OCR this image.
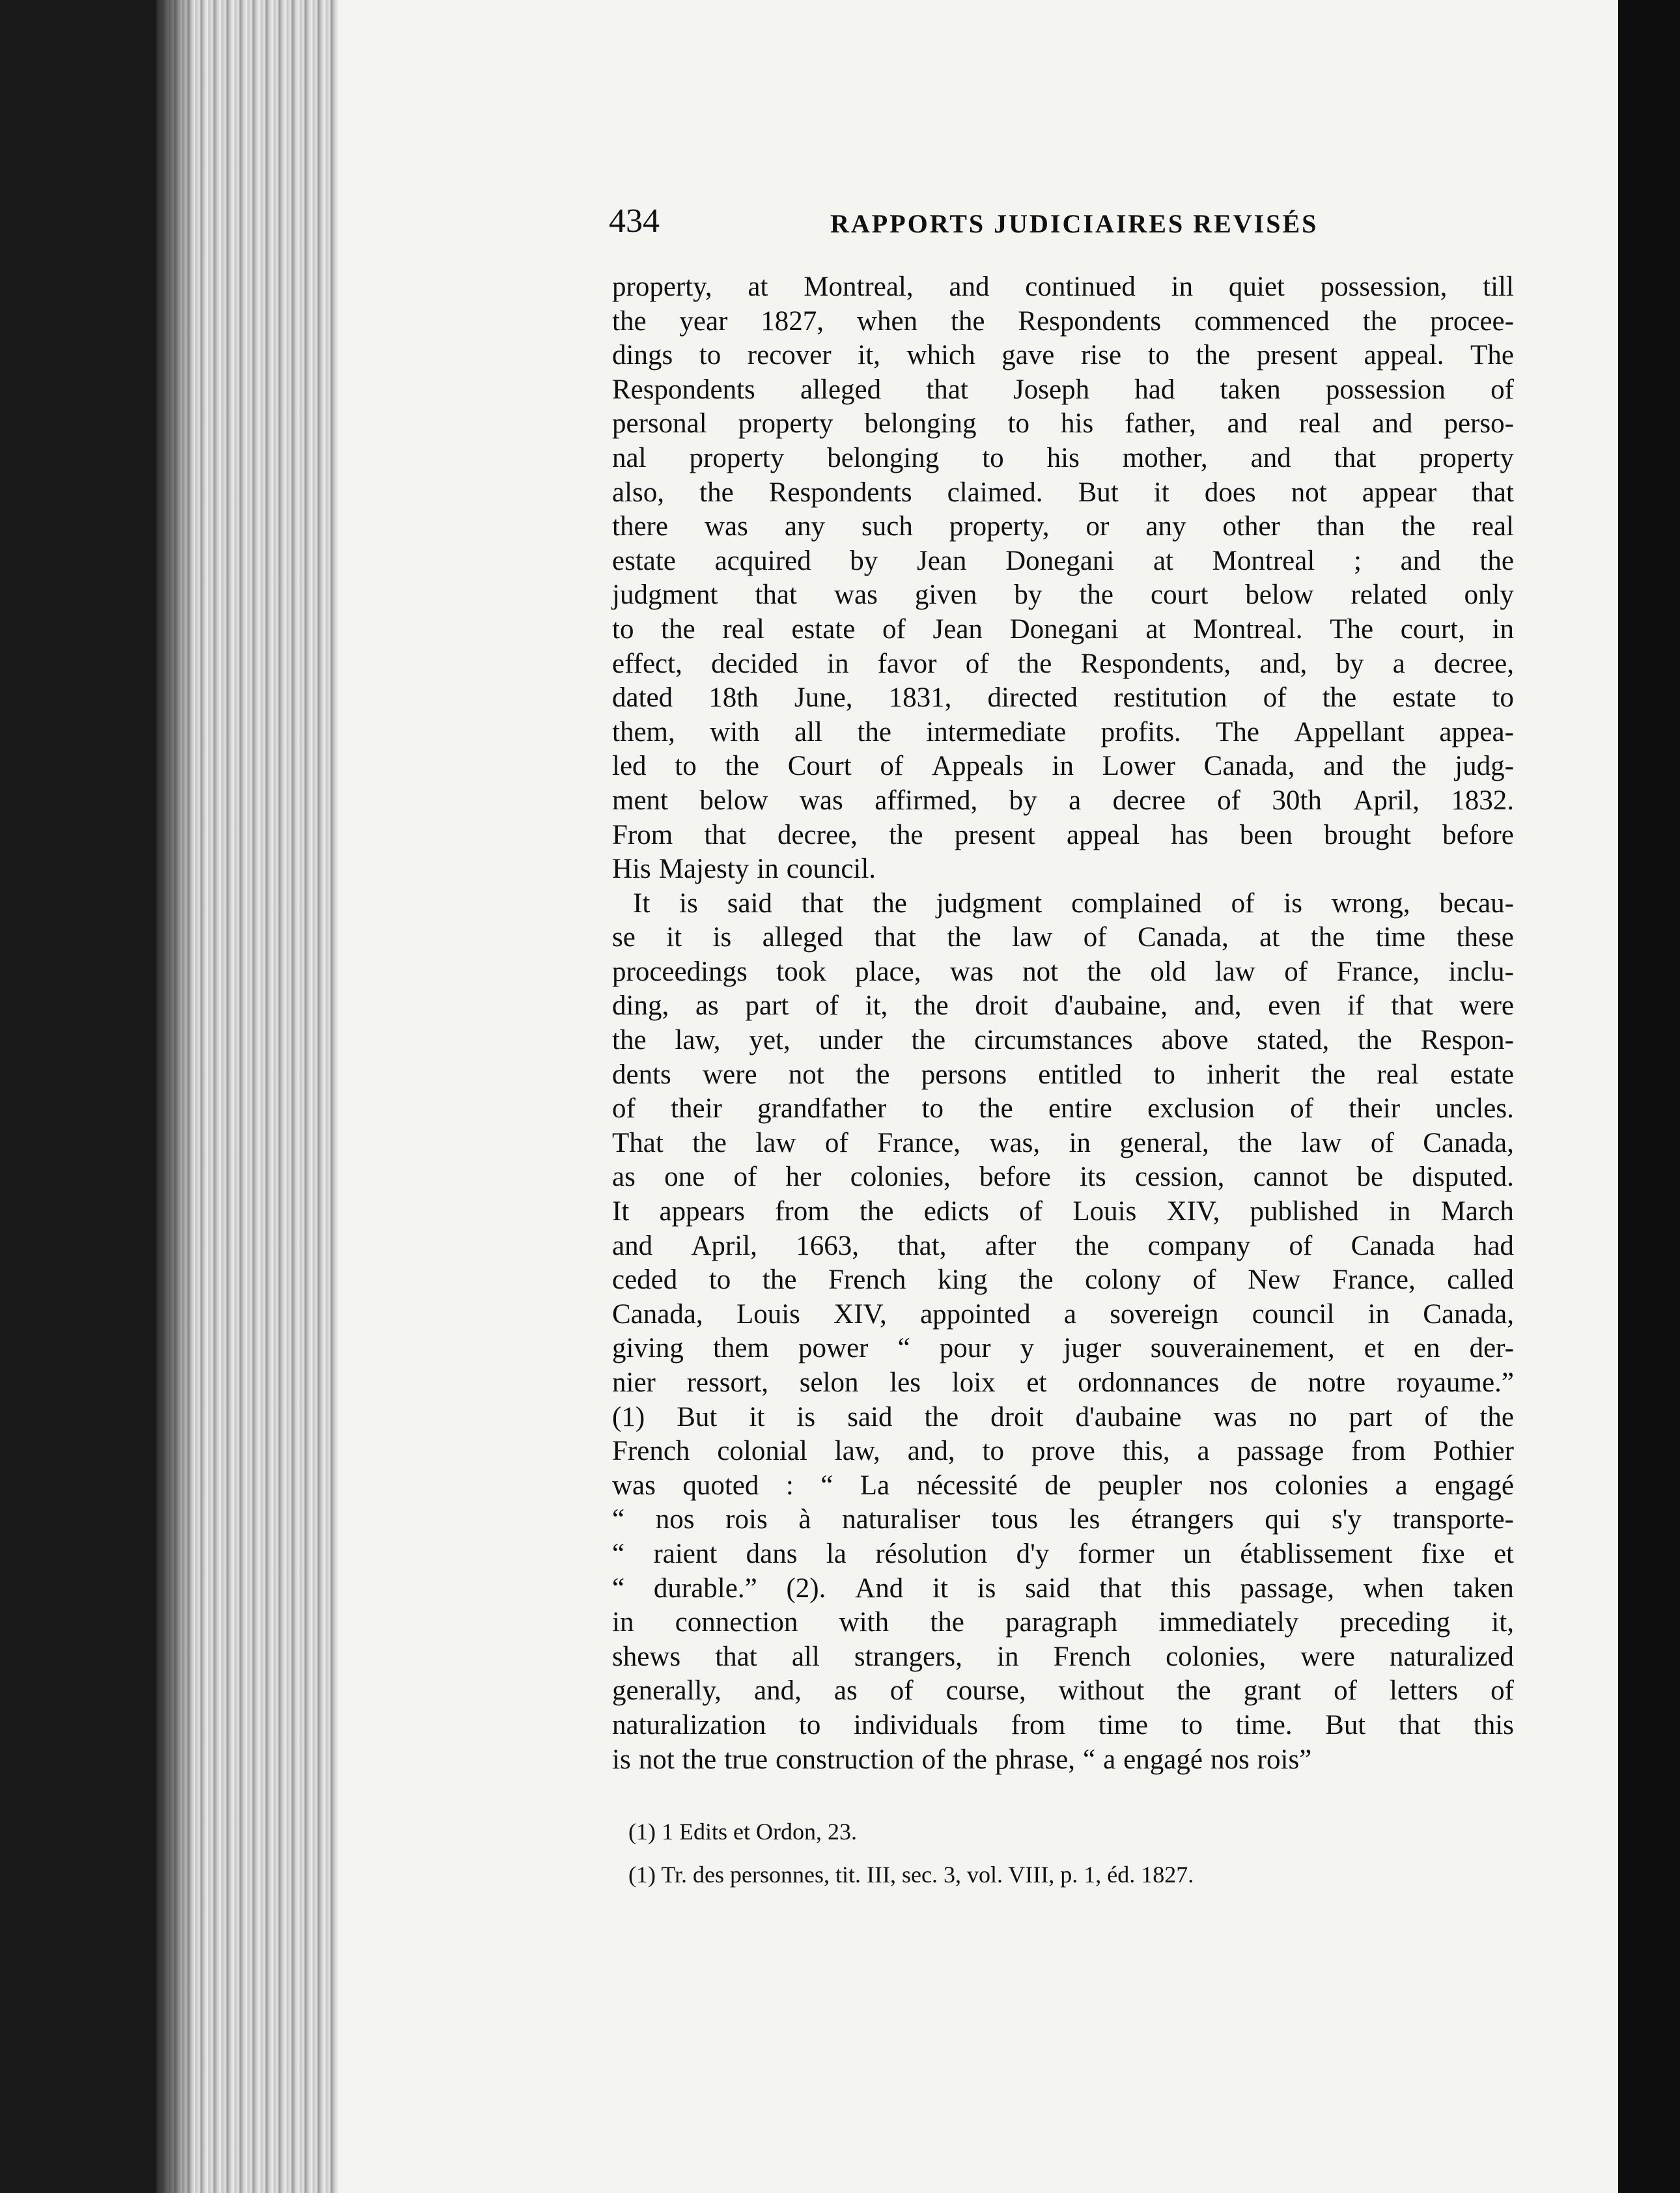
434	RAPPORTS JUDICIAIRES REVISÉS
property, at Montreal, and continued in quiet possession, till
the year 1827, when the Respondents commenced the procee-
dings to recover it, which gave rise to the present appeal. The
Respondents alleged that Joseph had taken possession of
personal property belonging to his father, and real and perso-
nal property belonging to his mother, and that property
also, the Respondents claimed. But it does not appear that
there was any such property, or any other than the real
estate acquired by Jean Donegani at Montreal ; and the
judgment that was given by the court below related only
to the real estate of Jean Donegani at Montreal. The court, in
effect, decided in favor of the Respondents, and, by a decree,
dated 18th June, 1831, directed restitution of the estate to
them, with all the intermediate profits. The Appellant appea-
led to the Court of Appeals in Lower Canada, and the judg-
ment below was affirmed, by a decree of 30th April, 1832.
From that decree, the present appeal has been brought before
His Majesty in council.
It is said that the judgment complained of is wrong, becau-
se it is alleged that the law of Canada, at the time these
proceedings took place, was not the old law of France, inclu-
ding, as part of it, the droit d'aubaine, and, even if that were
the law, yet, under the circumstances above stated, the Respon-
dents were not the persons entitled to inherit the real estate
of their grandfather to the entire exclusion of their uncles.
That the law of France, was, in general, the law of Canada,
as one of her colonies, before its cession, cannot be disputed.
It appears from the edicts of Louis XIV, published in March
and April, 1663, that, after the company of Canada had
ceded to the French king the colony of New France, called
Canada, Louis XIV, appointed a sovereign council in Canada,
giving them power “ pour y juger souverainement, et en der-
nier ressort, selon les loix et ordonnances de notre royaume.”
(1) But it is said the droit d'aubaine was no part of the
French colonial law, and, to prove this, a passage from Pothier
was quoted : “ La nécessité de peupler nos colonies a engagé
“ nos rois à naturaliser tous les étrangers qui s'y transporte-
“ raient dans la résolution d'y former un établissement fixe et
“ durable.” (2). And it is said that this passage, when taken
in connection with the paragraph immediately preceding it,
shews that all strangers, in French colonies, were naturalized
generally, and, as of course, without the grant of letters of
naturalization to individuals from time to time. But that this
is not the true construction of the phrase, “ a engagé nos rois”
(1) 1 Edits et Ordon, 23.
(1) Tr. des personnes, tit. III, sec. 3, vol. VIII, p. 1, éd. 1827.
